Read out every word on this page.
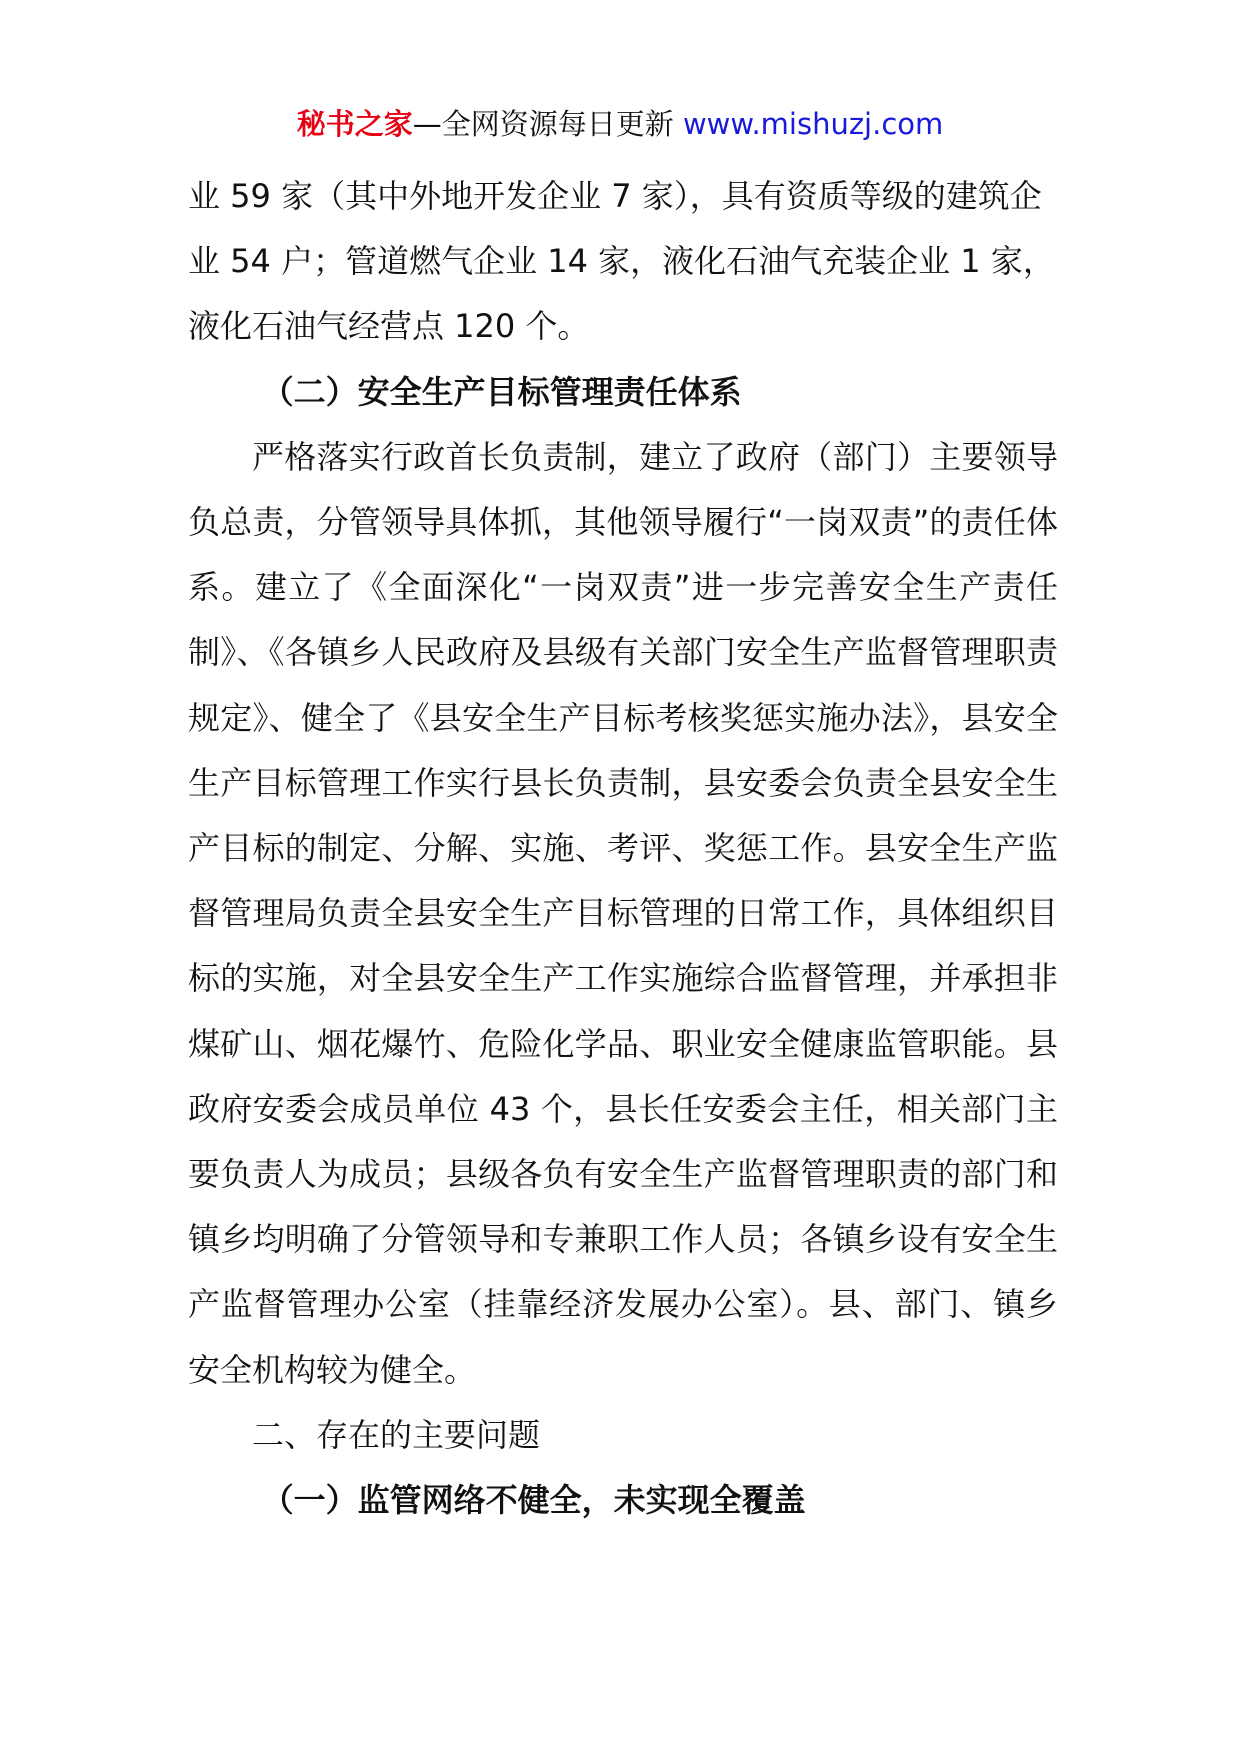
秘书之家—全网资源每日更新 www.mishuzj.com

业 59 家（其中外地开发企业 7 家），具有资质等级的建筑企业 54 户；管道燃气企业 14 家，液化石油气充装企业 1 家，液化石油气经营点 120 个。

（二）安全生产目标管理责任体系

严格落实行政首长负责制，建立了政府（部门）主要领导负总责，分管领导具体抓，其他领导履行“一岗双责”的责任体系。建立了《全面深化“一岗双责”进一步完善安全生产责任制》、《各镇乡人民政府及县级有关部门安全生产监督管理职责规定》、健全了《县安全生产目标考核奖惩实施办法》，县安全生产目标管理工作实行县长负责制，县安委会负责全县安全生产目标的制定、分解、实施、考评、奖惩工作。县安全生产监督管理局负责全县安全生产目标管理的日常工作，具体组织目标的实施，对全县安全生产工作实施综合监督管理，并承担非煤矿山、烟花爆竹、危险化学品、职业安全健康监管职能。县政府安委会成员单位 43 个，县长任安委会主任，相关部门主要负责人为成员；县级各负有安全生产监督管理职责的部门和镇乡均明确了分管领导和专兼职工作人员；各镇乡设有安全生产监督管理办公室（挂靠经济发展办公室）。县、部门、镇乡安全机构较为健全。

二、存在的主要问题

（一）监管网络不健全，未实现全覆盖
